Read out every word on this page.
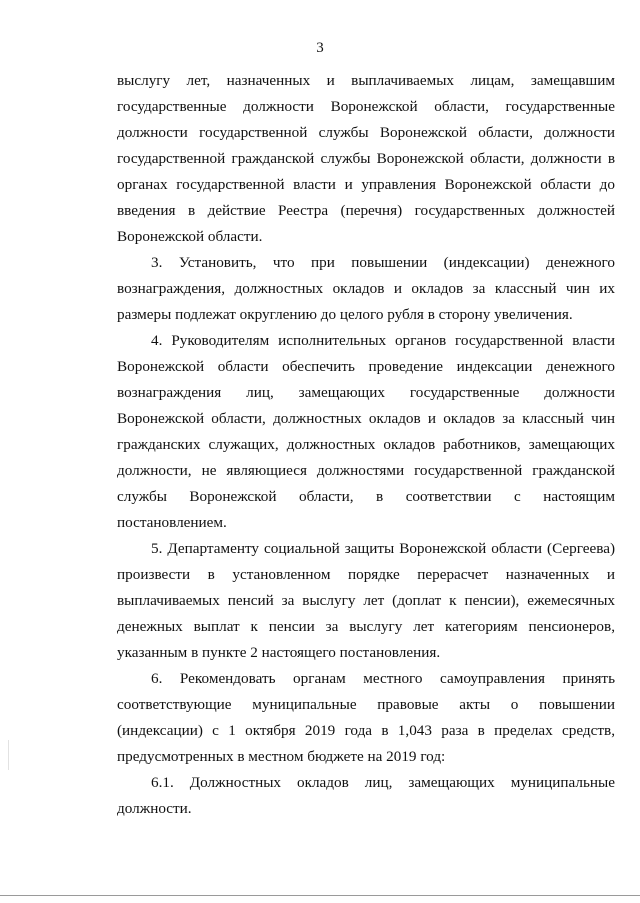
3

выслугу лет, назначенных и выплачиваемых лицам, замещавшим государственные должности Воронежской области, государственные должности государственной службы Воронежской области, должности государственной гражданской службы Воронежской области, должности в органах государственной власти и управления Воронежской области до введения в действие Реестра (перечня) государственных должностей Воронежской области.

3. Установить, что при повышении (индексации) денежного вознаграждения, должностных окладов и окладов за классный чин их размеры подлежат округлению до целого рубля в сторону увеличения.

4. Руководителям исполнительных органов государственной власти Воронежской области обеспечить проведение индексации денежного вознаграждения лиц, замещающих государственные должности Воронежской области, должностных окладов и окладов за классный чин гражданских служащих, должностных окладов работников, замещающих должности, не являющиеся должностями государственной гражданской службы Воронежской области, в соответствии с настоящим постановлением.

5. Департаменту социальной защиты Воронежской области (Сергеева) произвести в установленном порядке перерасчет назначенных и выплачиваемых пенсий за выслугу лет (доплат к пенсии), ежемесячных денежных выплат к пенсии за выслугу лет категориям пенсионеров, указанным в пункте 2 настоящего постановления.

6. Рекомендовать органам местного самоуправления принять соответствующие муниципальные правовые акты о повышении (индексации) с 1 октября 2019 года в 1,043 раза в пределах средств, предусмотренных в местном бюджете на 2019 год:

6.1. Должностных окладов лиц, замещающих муниципальные должности.
